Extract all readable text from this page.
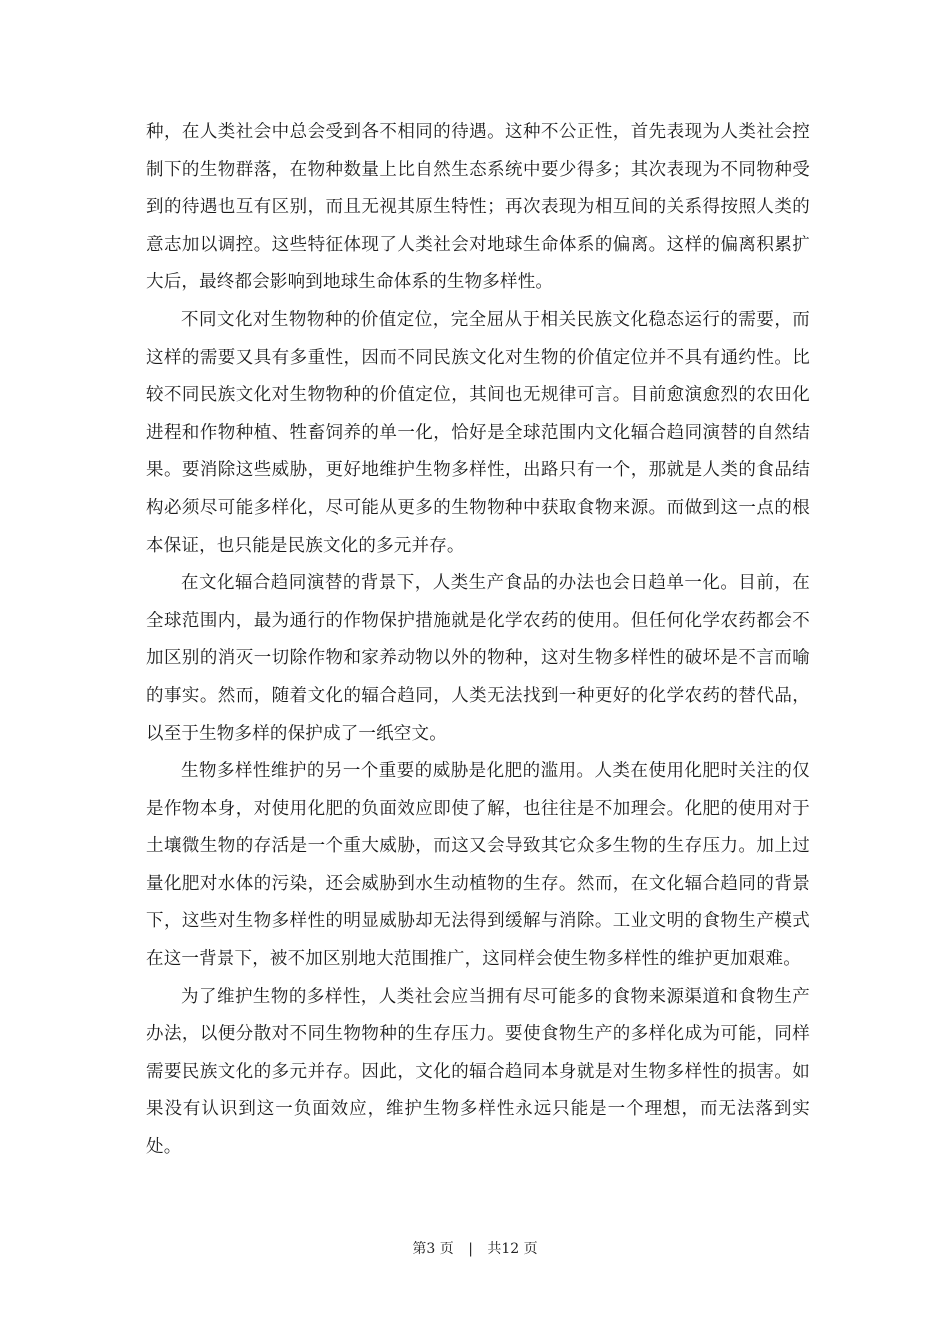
种，在人类社会中总会受到各不相同的待遇。这种不公正性，首先表现为人类社会控制下的生物群落，在物种数量上比自然生态系统中要少得多；其次表现为不同物种受到的待遇也互有区别，而且无视其原生特性；再次表现为相互间的关系得按照人类的意志加以调控。这些特征体现了人类社会对地球生命体系的偏离。这样的偏离积累扩大后，最终都会影响到地球生命体系的生物多样性。

不同文化对生物物种的价值定位，完全屈从于相关民族文化稳态运行的需要，而这样的需要又具有多重性，因而不同民族文化对生物的价值定位并不具有通约性。比较不同民族文化对生物物种的价值定位，其间也无规律可言。目前愈演愈烈的农田化进程和作物种植、牲畜饲养的单一化，恰好是全球范围内文化辐合趋同演替的自然结果。要消除这些威胁，更好地维护生物多样性，出路只有一个，那就是人类的食品结构必须尽可能多样化，尽可能从更多的生物物种中获取食物来源。而做到这一点的根本保证，也只能是民族文化的多元并存。

在文化辐合趋同演替的背景下，人类生产食品的办法也会日趋单一化。目前，在全球范围内，最为通行的作物保护措施就是化学农药的使用。但任何化学农药都会不加区别的消灭一切除作物和家养动物以外的物种，这对生物多样性的破坏是不言而喻的事实。然而，随着文化的辐合趋同，人类无法找到一种更好的化学农药的替代品，以至于生物多样的保护成了一纸空文。

生物多样性维护的另一个重要的威胁是化肥的滥用。人类在使用化肥时关注的仅是作物本身，对使用化肥的负面效应即使了解，也往往是不加理会。化肥的使用对于土壤微生物的存活是一个重大威胁，而这又会导致其它众多生物的生存压力。加上过量化肥对水体的污染，还会威胁到水生动植物的生存。然而，在文化辐合趋同的背景下，这些对生物多样性的明显威胁却无法得到缓解与消除。工业文明的食物生产模式在这一背景下，被不加区别地大范围推广，这同样会使生物多样性的维护更加艰难。

为了维护生物的多样性，人类社会应当拥有尽可能多的食物来源渠道和食物生产办法，以便分散对不同生物物种的生存压力。要使食物生产的多样化成为可能，同样需要民族文化的多元并存。因此，文化的辐合趋同本身就是对生物多样性的损害。如果没有认识到这一负面效应，维护生物多样性永远只能是一个理想，而无法落到实处。

第3 页 | 共12 页
